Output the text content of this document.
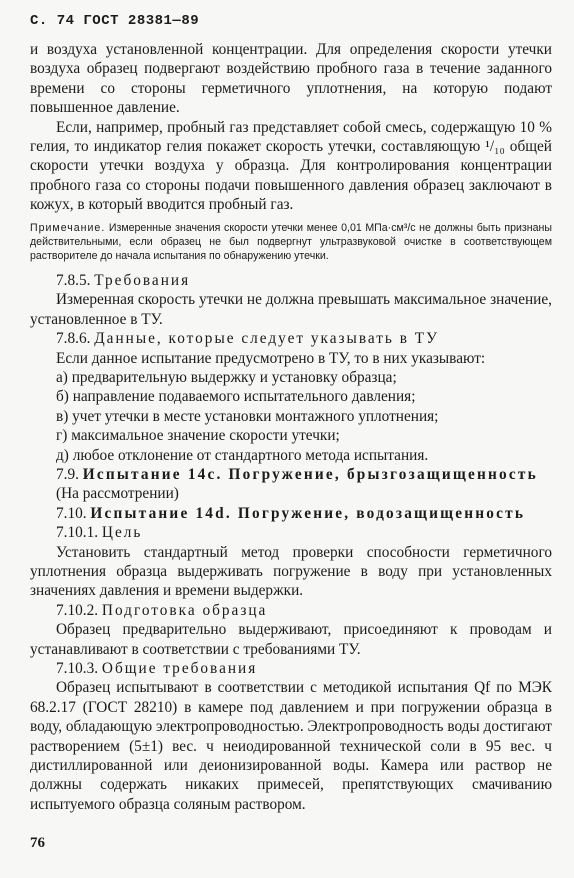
С. 74 ГОСТ 28381—89

и воздуха установленной концентрации. Для определения скорости утечки воздуха образец подвергают воздействию пробного газа в течение заданного времени со стороны герметичного уплотнения, на которую подают повышенное давление.

Если, например, пробный газ представляет собой смесь, содержащую 10 % гелия, то индикатор гелия покажет скорость утечки, составляющую ¹/₁₀ общей скорости утечки воздуха у образца. Для контролирования концентрации пробного газа со стороны подачи повышенного давления образец заключают в кожух, в который вводится пробный газ.

Примечание. Измеренные значения скорости утечки менее 0,01 МПа·см³/с не должны быть признаны действительными, если образец не был подвергнут ультразвуковой очистке в соответствующем растворителе до начала испытания по обнаружению утечки.

7.8.5. Требования

Измеренная скорость утечки не должна превышать максимальное значение, установленное в ТУ.

7.8.6. Данные, которые следует указывать в ТУ

Если данное испытание предусмотрено в ТУ, то в них указывают:

а) предварительную выдержку и установку образца;
б) направление подаваемого испытательного давления;
в) учет утечки в месте установки монтажного уплотнения;
г) максимальное значение скорости утечки;
д) любое отклонение от стандартного метода испытания.

7.9. Испытание 14c. Погружение, брызгозащищенность

(На рассмотрении)

7.10. Испытание 14d. Погружение, водозащищенность

7.10.1. Цель

Установить стандартный метод проверки способности герметичного уплотнения образца выдерживать погружение в воду при установленных значениях давления и времени выдержки.

7.10.2. Подготовка образца

Образец предварительно выдерживают, присоединяют к проводам и устанавливают в соответствии с требованиями ТУ.

7.10.3. Общие требования

Образец испытывают в соответствии с методикой испытания Qf по МЭК 68.2.17 (ГОСТ 28210) в камере под давлением и при погружении образца в воду, обладающую электропроводностью. Электропроводность воды достигают растворением (5±1) вес. ч неиодированной технической соли в 95 вес. ч дистиллированной или деионизированной воды. Камера или раствор не должны содержать никаких примесей, препятствующих смачиванию испытуемого образца соляным раствором.

76
